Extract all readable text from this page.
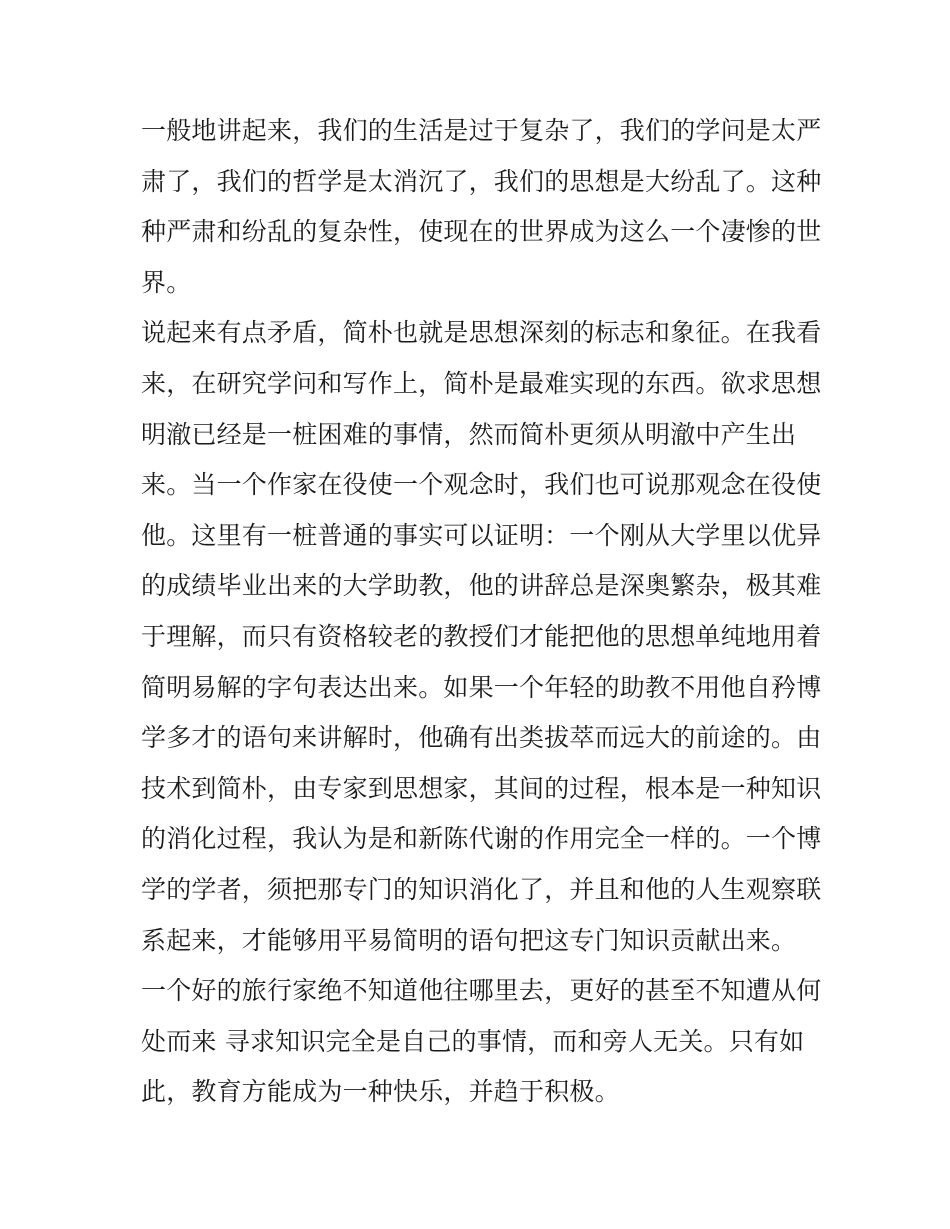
一般地讲起来，我们的生活是过于复杂了，我们的学问是太严
肃了，我们的哲学是太消沉了，我们的思想是大纷乱了。这种
种严肃和纷乱的复杂性，使现在的世界成为这么一个凄惨的世
界。
说起来有点矛盾，简朴也就是思想深刻的标志和象征。在我看
来，在研究学问和写作上，简朴是最难实现的东西。欲求思想
明澈已经是一桩困难的事情，然而简朴更须从明澈中产生出
来。当一个作家在役使一个观念时，我们也可说那观念在役使
他。这里有一桩普通的事实可以证明：一个刚从大学里以优异
的成绩毕业出来的大学助教，他的讲辞总是深奥繁杂，极其难
于理解，而只有资格较老的教授们才能把他的思想单纯地用着
简明易解的字句表达出来。如果一个年轻的助教不用他自矜博
学多才的语句来讲解时，他确有出类拔萃而远大的前途的。由
技术到简朴，由专家到思想家，其间的过程，根本是一种知识
的消化过程，我认为是和新陈代谢的作用完全一样的。一个博
学的学者，须把那专门的知识消化了，并且和他的人生观察联
系起来，才能够用平易简明的语句把这专门知识贡献出来。
一个好的旅行家绝不知道他往哪里去，更好的甚至不知遭从何
处而来 寻求知识完全是自己的事情，而和旁人无关。只有如
此，教育方能成为一种快乐，并趋于积极。
